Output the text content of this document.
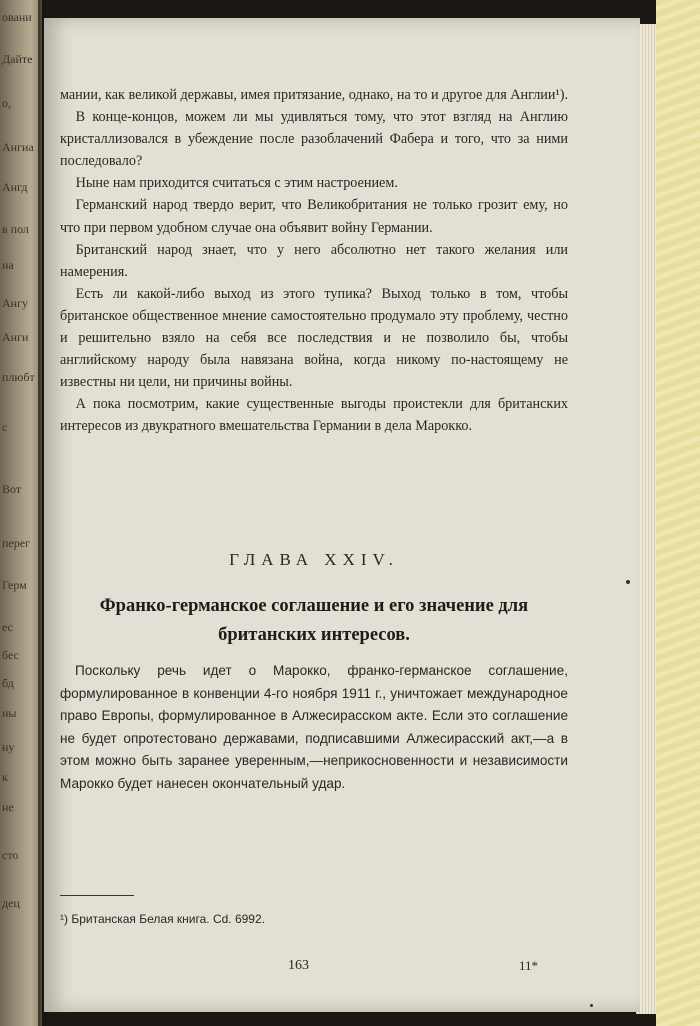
овани
Дайте
о,
Ангиа
Ангд
в пол
на
Ангу
Анги
плюбт
с
Вот
перег
Герм
ес
бес
бд
ны
ну
к
не
сто
дец

мании, как великой державы, имея притязание, однако, на то и другое для Англии¹).

В конце-концов, можем ли мы удивляться тому, что этот взгляд на Англию кристаллизовался в убеждение после разоблачений Фабера и того, что за ними последовало?

Ныне нам приходится считаться с этим настроением.

Германский народ твердо верит, что Великобритания не только грозит ему, но что при первом удобном случае она объявит войну Германии.

Британский народ знает, что у него абсолютно нет такого желания или намерения.

Есть ли какой-либо выход из этого тупика? Выход только в том, чтобы британское общественное мнение самостоятельно продумало эту проблему, честно и решительно взяло на себя все последствия и не позволило бы, чтобы английскому народу была навязана война, когда никому по-настоящему не известны ни цели, ни причины войны.

А пока посмотрим, какие существенные выгоды проистекли для британских интересов из двукратного вмешательства Германии в дела Марокко.

ГЛАВА XXIV.
Франко-германское соглашение и его значение для британских интересов.

Поскольку речь идет о Марокко, франко-германское соглашение, формулированное в конвенции 4-го ноября 1911 г., уничтожает международное право Европы, формулированное в Алжесирасском акте. Если это соглашение не будет опротестовано державами, подписавшими Алжесирасский акт,—а в этом можно быть заранее уверенным,—неприкосновенности и независимости Марокко будет нанесен окончательный удар.

¹) Британская Белая книга. Cd. 6992.
163	11*
